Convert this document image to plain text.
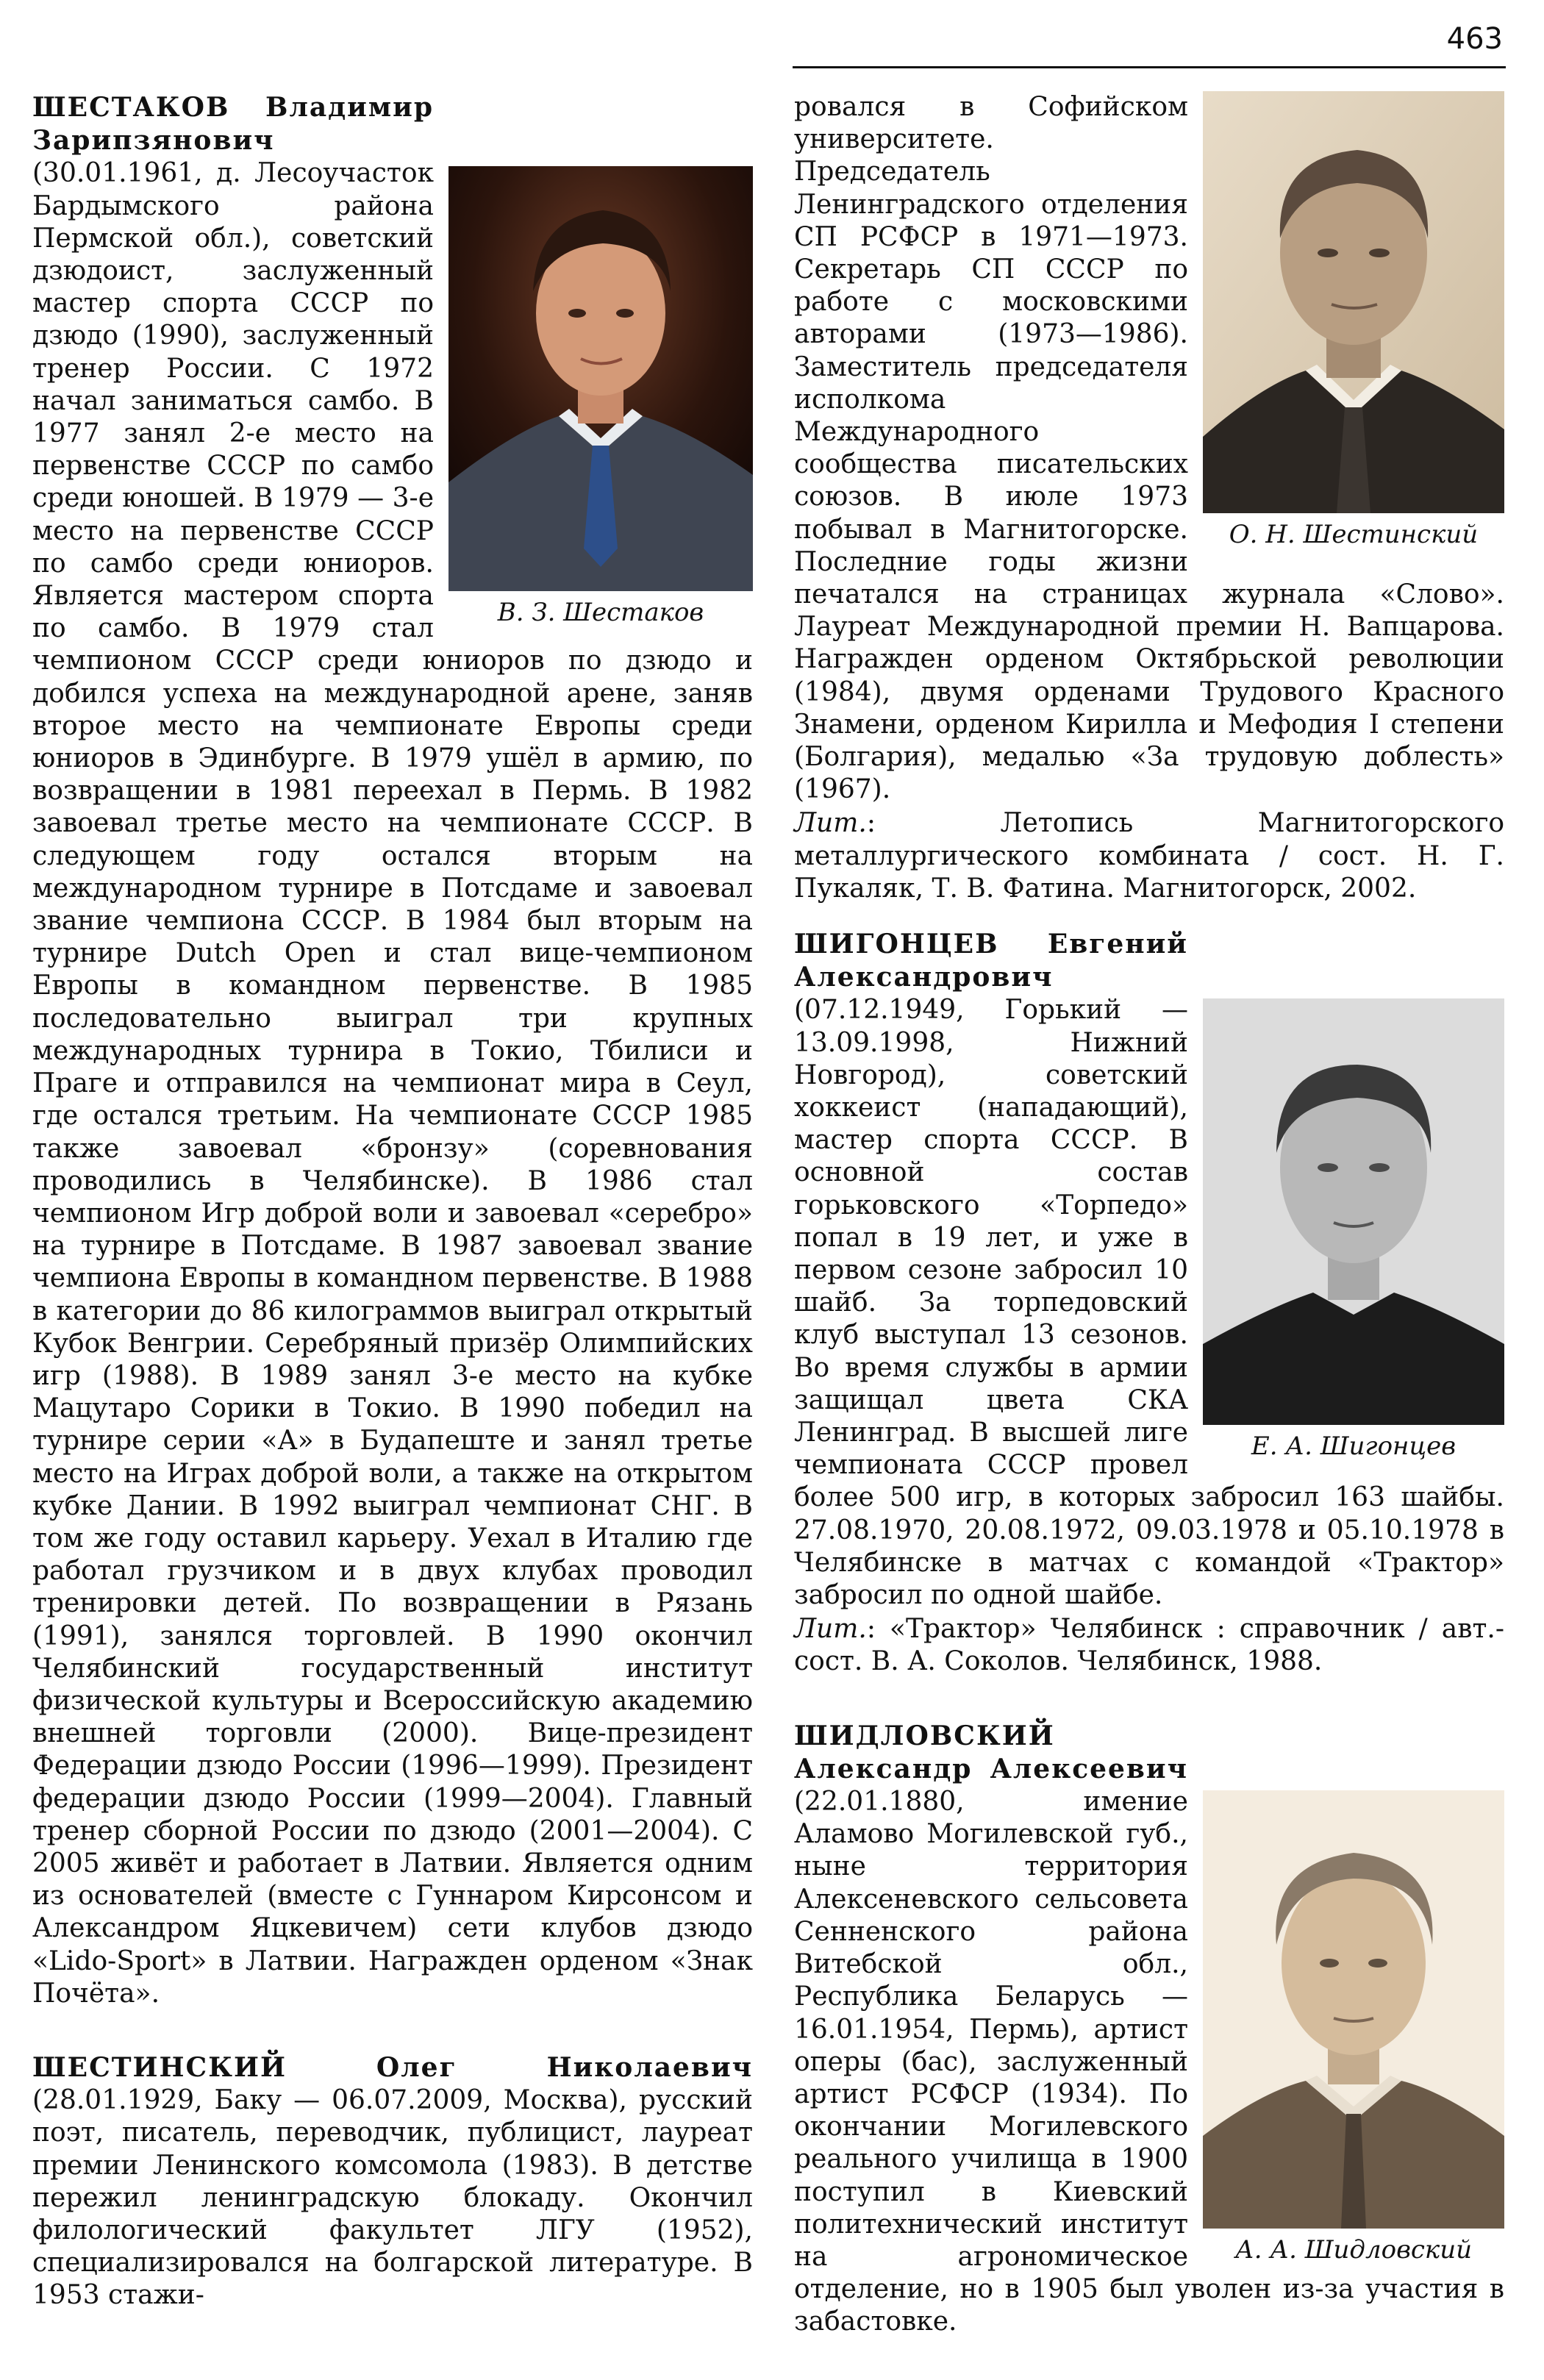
463
В. З. Шестаков

ШЕСТАКОВ Владимир Зарипзянович (30.01.1961, д. Лесоучасток Бардымского района Пермской обл.), советский дзюдоист, заслуженный мастер спорта СССР по дзюдо (1990), заслуженный тренер России. С 1972 начал заниматься самбо. В 1977 занял 2-е место на первенстве СССР по самбо среди юношей. В 1979 — 3-е место на первенстве СССР по самбо среди юниоров. Является мастером спорта по самбо. В 1979 стал чемпионом СССР среди юниоров по дзюдо и добился успеха на международной арене, заняв второе место на чемпионате Европы среди юниоров в Эдинбурге. В 1979 ушёл в армию, по возвращении в 1981 переехал в Пермь. В 1982 завоевал третье место на чемпионате СССР. В следующем году остался вторым на международном турнире в Потсдаме и завоевал звание чемпиона СССР. В 1984 был вторым на турнире Dutch Open и стал вице-чемпионом Европы в командном первенстве. В 1985 последовательно выиграл три крупных международных турнира в Токио, Тбилиси и Праге и отправился на чемпионат мира в Сеул, где остался третьим. На чемпионате СССР 1985 также завоевал «бронзу» (соревнования проводились в Челябинске). В 1986 стал чемпионом Игр доброй воли и завоевал «серебро» на турнире в Потсдаме. В 1987 завоевал звание чемпиона Европы в командном первенстве. В 1988 в категории до 86 килограммов выиграл открытый Кубок Венгрии. Серебряный призёр Олимпийских игр (1988). В 1989 занял 3-е место на кубке Мацутаро Сорики в Токио. В 1990 победил на турнире серии «А» в Будапеште и занял третье место на Играх доброй воли, а также на открытом кубке Дании. В 1992 выиграл чемпионат СНГ. В том же году оставил карьеру. Уехал в Италию где работал грузчиком и в двух клубах проводил тренировки детей. По возвращении в Рязань (1991), занялся торговлей. В 1990 окончил Челябинский государственный институт физической культуры и Всероссийскую академию внешней торговли (2000). Вице-президент Федерации дзюдо России (1996—1999). Президент федерации дзюдо России (1999—2004). Главный тренер сборной России по дзюдо (2001—2004). С 2005 живёт и работает в Латвии. Является одним из основателей (вместе с Гуннаром Кирсонсом и Александром Яцкевичем) сети клубов дзюдо «Lido-Sport» в Латвии. Награжден орденом «Знак Почёта».

ШЕСТИНСКИЙ Олег Николаевич (28.01.1929, Баку — 06.07.2009, Москва), русский поэт, писатель, переводчик, публицист, лауреат премии Ленинского комсомола (1983). В детстве пережил ленинградскую блокаду. Окончил филологический факультет ЛГУ (1952), специализировался на болгарской литературе. В 1953 стажи-

О. Н. Шестинский

ровался в Софийском университете. Председатель Ленинградского отделения СП РСФСР в 1971—1973. Секретарь СП СССР по работе с московскими авторами (1973—1986). Заместитель председателя исполкома Международного сообщества писательских союзов. В июле 1973 побывал в Магнитогорске. Последние годы жизни печатался на страницах журнала «Слово». Лауреат Международной премии Н. Вапцарова. Награжден орденом Октябрьской революции (1984), двумя орденами Трудового Красного Знамени, орденом Кирилла и Мефодия I степени (Болгария), медалью «За трудовую доблесть» (1967).

Лит.: Летопись Магнитогорского металлургического комбината / сост. Н. Г. Пукаляк, Т. В. Фатина. Магнитогорск, 2002.

Е. А. Шигонцев

ШИГОНЦЕВ Евгений Александрович (07.12.1949, Горький — 13.09.1998, Нижний Новгород), советский хоккеист (нападающий), мастер спорта СССР. В основной состав горьковского «Торпедо» попал в 19 лет, и уже в первом сезоне забросил 10 шайб. За торпедовский клуб выступал 13 сезонов. Во время службы в армии защищал цвета СКА Ленинград. В высшей лиге чемпионата СССР провел более 500 игр, в которых забросил 163 шайбы. 27.08.1970, 20.08.1972, 09.03.1978 и 05.10.1978 в Челябинске в матчах с командой «Трактор» забросил по одной шайбе.

Лит.: «Трактор» Челябинск : справочник / авт.-сост. В. А. Соколов. Челябинск, 1988.

А. А. Шидловский

ШИДЛОВСКИЙ Александр Алексеевич (22.01.1880, имение Аламово Могилевской губ., ныне территория Алексеневского сельсовета Сенненского района Витебской обл., Республика Беларусь — 16.01.1954, Пермь), артист оперы (бас), заслуженный артист РСФСР (1934). По окончании Могилевского реального училища в 1900 поступил в Киевский политехнический институт на агрономическое отделение, но в 1905 был уволен из-за участия в забастовке.
